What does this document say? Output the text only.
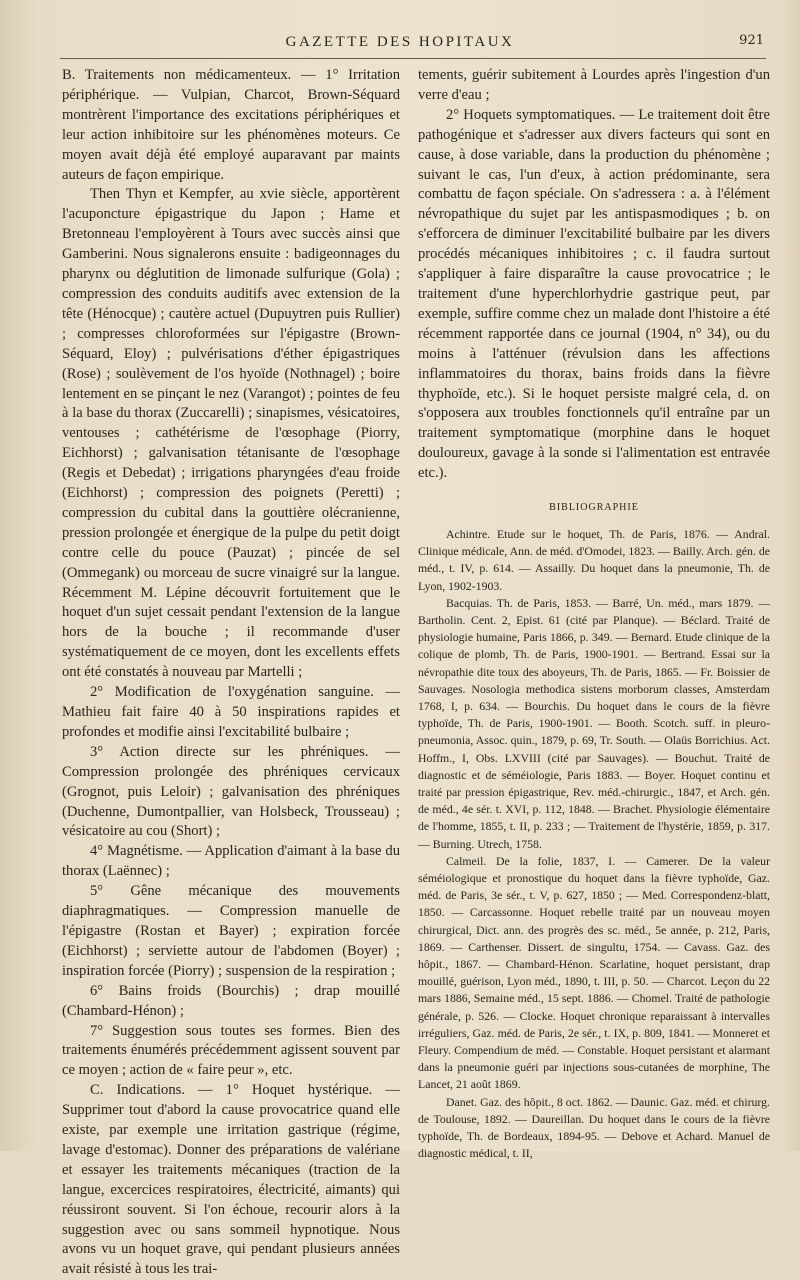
GAZETTE DES HOPITAUX	921

B. Traitements non médicamenteux. — 1° Irritation périphérique. — Vulpian, Charcot, Brown-Séquard montrèrent l'importance des excitations périphériques et leur action inhibitoire sur les phénomènes moteurs. Ce moyen avait déjà été employé auparavant par maints auteurs de façon empirique.

Then Thyn et Kempfer, au xvie siècle, apportèrent l'acuponcture épigastrique du Japon ; Hame et Bretonneau l'employèrent à Tours avec succès ainsi que Gamberini. Nous signalerons ensuite : badigeonnages du pharynx ou déglutition de limonade sulfurique (Gola) ; compression des conduits auditifs avec extension de la tête (Hénocque) ; cautère actuel (Dupuytren puis Rullier) ; compresses chloroformées sur l'épigastre (Brown-Séquard, Eloy) ; pulvérisations d'éther épigastriques (Rose) ; soulèvement de l'os hyoïde (Nothnagel) ; boire lentement en se pinçant le nez (Varangot) ; pointes de feu à la base du thorax (Zuccarelli) ; sinapismes, vésicatoires, ventouses ; cathétérisme de l'œsophage (Piorry, Eichhorst) ; galvanisation tétanisante de l'œsophage (Regis et Debedat) ; irrigations pharyngées d'eau froide (Eichhorst) ; compression des poignets (Peretti) ; compression du cubital dans la gouttière olécranienne, pression prolongée et énergique de la pulpe du petit doigt contre celle du pouce (Pauzat) ; pincée de sel (Ommegank) ou morceau de sucre vinaigré sur la langue. Récemment M. Lépine découvrit fortuitement que le hoquet d'un sujet cessait pendant l'extension de la langue hors de la bouche ; il recommande d'user systématiquement de ce moyen, dont les excellents effets ont été constatés à nouveau par Martelli ;

2° Modification de l'oxygénation sanguine. — Mathieu fait faire 40 à 50 inspirations rapides et profondes et modifie ainsi l'excitabilité bulbaire ;

3° Action directe sur les phréniques. — Compression prolongée des phréniques cervicaux (Grognot, puis Leloir) ; galvanisation des phréniques (Duchenne, Dumontpallier, van Holsbeck, Trousseau) ; vésicatoire au cou (Short) ;

4° Magnétisme. — Application d'aimant à la base du thorax (Laënnec) ;

5° Gêne mécanique des mouvements diaphragmatiques. — Compression manuelle de l'épigastre (Rostan et Bayer) ; expiration forcée (Eichhorst) ; serviette autour de l'abdomen (Boyer) ; inspiration forcée (Piorry) ; suspension de la respiration ;

6° Bains froids (Bourchis) ; drap mouillé (Chambard-Hénon) ;

7° Suggestion sous toutes ses formes. Bien des traitements énumérés précédemment agissent souvent par ce moyen ; action de « faire peur », etc.

C. Indications. — 1° Hoquet hystérique. — Supprimer tout d'abord la cause provocatrice quand elle existe, par exemple une irritation gastrique (régime, lavage d'estomac). Donner des préparations de valériane et essayer les traitements mécaniques (traction de la langue, excercices respiratoires, électricité, aimants) qui réussiront souvent. Si l'on échoue, recourir alors à la suggestion avec ou sans sommeil hypnotique. Nous avons vu un hoquet grave, qui pendant plusieurs années avait résisté à tous les trai-

tements, guérir subitement à Lourdes après l'ingestion d'un verre d'eau ;

2° Hoquets symptomatiques. — Le traitement doit être pathogénique et s'adresser aux divers facteurs qui sont en cause, à dose variable, dans la production du phénomène ; suivant le cas, l'un d'eux, à action prédominante, sera combattu de façon spéciale. On s'adressera : a. à l'élément névropathique du sujet par les antispasmodiques ; b. on s'efforcera de diminuer l'excitabilité bulbaire par les divers procédés mécaniques inhibitoires ; c. il faudra surtout s'appliquer à faire disparaître la cause provocatrice ; le traitement d'une hyperchlorhydrie gastrique peut, par exemple, suffire comme chez un malade dont l'histoire a été récemment rapportée dans ce journal (1904, n° 34), ou du moins à l'atténuer (révulsion dans les affections inflammatoires du thorax, bains froids dans la fièvre thyphoïde, etc.). Si le hoquet persiste malgré cela, d. on s'opposera aux troubles fonctionnels qu'il entraîne par un traitement symptomatique (morphine dans le hoquet douloureux, gavage à la sonde si l'alimentation est entravée etc.).

BIBLIOGRAPHIE

Achintre. Etude sur le hoquet, Th. de Paris, 1876. — Andral. Clinique médicale, Ann. de méd. d'Omodei, 1823. — Bailly. Arch. gén. de méd., t. IV, p. 614. — Assailly. Du hoquet dans la pneumonie, Th. de Lyon, 1902-1903.

Bacquias. Th. de Paris, 1853. — Barré, Un. méd., mars 1879. — Bartholin. Cent. 2, Epist. 61 (cité par Planque). — Béclard. Traité de physiologie humaine, Paris 1866, p. 349. — Bernard. Etude clinique de la colique de plomb, Th. de Paris, 1900-1901. — Bertrand. Essai sur la névropathie dite toux des aboyeurs, Th. de Paris, 1865. — Fr. Boissier de Sauvages. Nosologia methodica sistens morborum classes, Amsterdam 1768, I, p. 634. — Bourchis. Du hoquet dans le cours de la fièvre typhoïde, Th. de Paris, 1900-1901. — Booth. Scotch. suff. in pleuro-pneumonia, Assoc. quin., 1879, p. 69, Tr. South. — Olaüs Borrichius. Act. Hoffm., I, Obs. LXVIII (cité par Sauvages). — Bouchut. Traité de diagnostic et de séméiologie, Paris 1883. — Boyer. Hoquet continu et traité par pression épigastrique, Rev. méd.-chirurgic., 1847, et Arch. gén. de méd., 4e sér. t. XVI, p. 112, 1848. — Brachet. Physiologie élémentaire de l'homme, 1855, t. II, p. 233 ; — Traitement de l'hystérie, 1859, p. 317. — Burning. Utrech, 1758.

Calmeil. De la folie, 1837, I. — Camerer. De la valeur séméiologique et pronostique du hoquet dans la fièvre typhoïde, Gaz. méd. de Paris, 3e sér., t. V, p. 627, 1850 ; — Med. Correspondenz-blatt, 1850. — Carcassonne. Hoquet rebelle traité par un nouveau moyen chirurgical, Dict. ann. des progrès des sc. méd., 5e année, p. 212, Paris, 1869. — Carthenser. Dissert. de singultu, 1754. — Cavass. Gaz. des hôpit., 1867. — Chambard-Hénon. Scarlatine, hoquet persistant, drap mouillé, guérison, Lyon méd., 1890, t. III, p. 50. — Charcot. Leçon du 22 mars 1886, Semaine méd., 15 sept. 1886. — Chomel. Traité de pathologie générale, p. 526. — Clocke. Hoquet chronique reparaissant à intervalles irréguliers, Gaz. méd. de Paris, 2e sér., t. IX, p. 809, 1841. — Monneret et Fleury. Compendium de méd. — Constable. Hoquet persistant et alarmant dans la pneumonie guéri par injections sous-cutanées de morphine, The Lancet, 21 août 1869.

Danet. Gaz. des hôpit., 8 oct. 1862. — Daunic. Gaz. méd. et chirurg. de Toulouse, 1892. — Daureillan. Du hoquet dans le cours de la fièvre typhoïde, Th. de Bordeaux, 1894-95. — Debove et Achard. Manuel de diagnostic médical, t. II,
